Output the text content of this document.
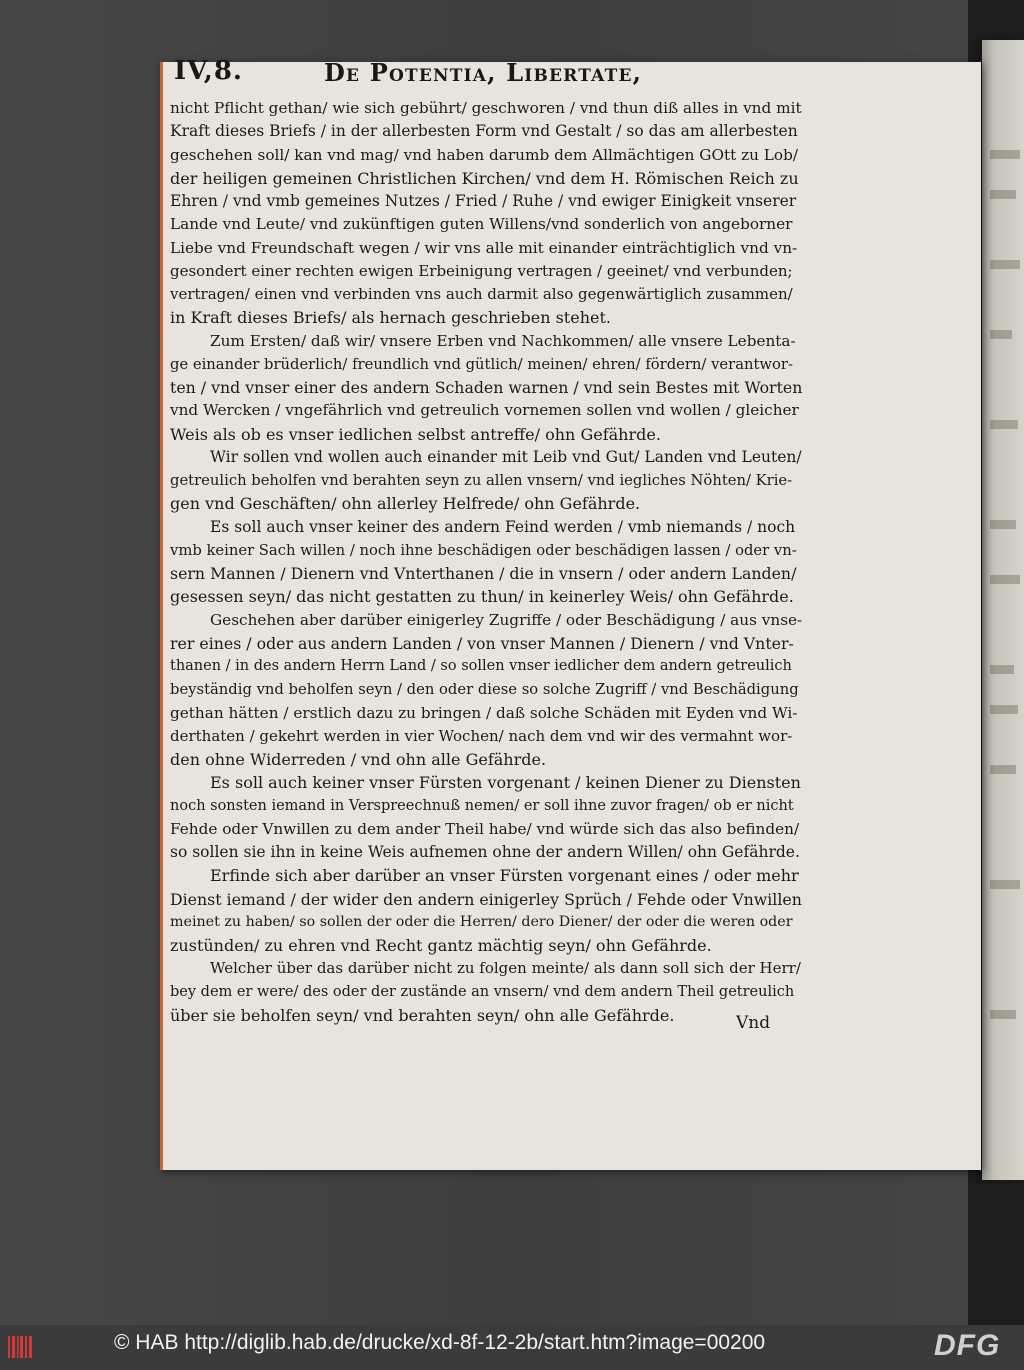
IV,8.	De Potentia, Libertate,
nicht Pflicht gethan/ wie sich gebührt/ geschworen / vnd thun diß alles in vnd mit
Kraft dieses Briefs / in der allerbesten Form vnd Gestalt / so das am allerbesten
geschehen soll/ kan vnd mag/ vnd haben darumb dem Allmächtigen GOtt zu Lob/
der heiligen gemeinen Christlichen Kirchen/ vnd dem H. Römischen Reich zu
Ehren / vnd vmb gemeines Nutzes / Fried / Ruhe / vnd ewiger Einigkeit vnserer
Lande vnd Leute/ vnd zukünftigen guten Willens/vnd sonderlich von angeborner
Liebe vnd Freundschaft wegen / wir vns alle mit einander einträchtiglich vnd vn-
gesondert einer rechten ewigen Erbeinigung vertragen / geeinet/ vnd verbunden;
vertragen/ einen vnd verbinden vns auch darmit also gegenwärtiglich zusammen/
in Kraft dieses Briefs/ als hernach geschrieben stehet.
Zum Ersten/ daß wir/ vnsere Erben vnd Nachkommen/ alle vnsere Lebenta-
ge einander brüderlich/ freundlich vnd gütlich/ meinen/ ehren/ fördern/ verantwor-
ten / vnd vnser einer des andern Schaden warnen / vnd sein Bestes mit Worten
vnd Wercken / vngefährlich vnd getreulich vornemen sollen vnd wollen / gleicher
Weis als ob es vnser iedlichen selbst antreffe/ ohn Gefährde.
Wir sollen vnd wollen auch einander mit Leib vnd Gut/ Landen vnd Leuten/
getreulich beholfen vnd berahten seyn zu allen vnsern/ vnd iegliches Nöhten/ Krie-
gen vnd Geschäften/ ohn allerley Helfrede/ ohn Gefährde.
Es soll auch vnser keiner des andern Feind werden / vmb niemands / noch
vmb keiner Sach willen / noch ihne beschädigen oder beschädigen lassen / oder vn-
sern Mannen / Dienern vnd Vnterthanen / die in vnsern / oder andern Landen/
gesessen seyn/ das nicht gestatten zu thun/ in keinerley Weis/ ohn Gefährde.
Geschehen aber darüber einigerley Zugriffe / oder Beschädigung / aus vnse-
rer eines / oder aus andern Landen / von vnser Mannen / Dienern / vnd Vnter-
thanen / in des andern Herrn Land / so sollen vnser iedlicher dem andern getreulich
beyständig vnd beholfen seyn / den oder diese so solche Zugriff / vnd Beschädigung
gethan hätten / erstlich dazu zu bringen / daß solche Schäden mit Eyden vnd Wi-
derthaten / gekehrt werden in vier Wochen/ nach dem vnd wir des vermahnt wor-
den ohne Widerreden / vnd ohn alle Gefährde.
Es soll auch keiner vnser Fürsten vorgenant / keinen Diener zu Diensten
noch sonsten iemand in Verspreechnuß nemen/ er soll ihne zuvor fragen/ ob er nicht
Fehde oder Vnwillen zu dem ander Theil habe/ vnd würde sich das also befinden/
so sollen sie ihn in keine Weis aufnemen ohne der andern Willen/ ohn Gefährde.
Erfinde sich aber darüber an vnser Fürsten vorgenant eines / oder mehr
Dienst iemand / der wider den andern einigerley Sprüch / Fehde oder Vnwillen
meinet zu haben/ so sollen der oder die Herren/ dero Diener/ der oder die weren oder
zustünden/ zu ehren vnd Recht gantz mächtig seyn/ ohn Gefährde.
Welcher über das darüber nicht zu folgen meinte/ als dann soll sich der Herr/
bey dem er were/ des oder der zustände an vnsern/ vnd dem andern Theil getreulich
über sie beholfen seyn/ vnd berahten seyn/ ohn alle Gefährde.	Vnd
© HAB http://diglib.hab.de/drucke/xd-8f-12-2b/start.htm?image=00200	DFG
